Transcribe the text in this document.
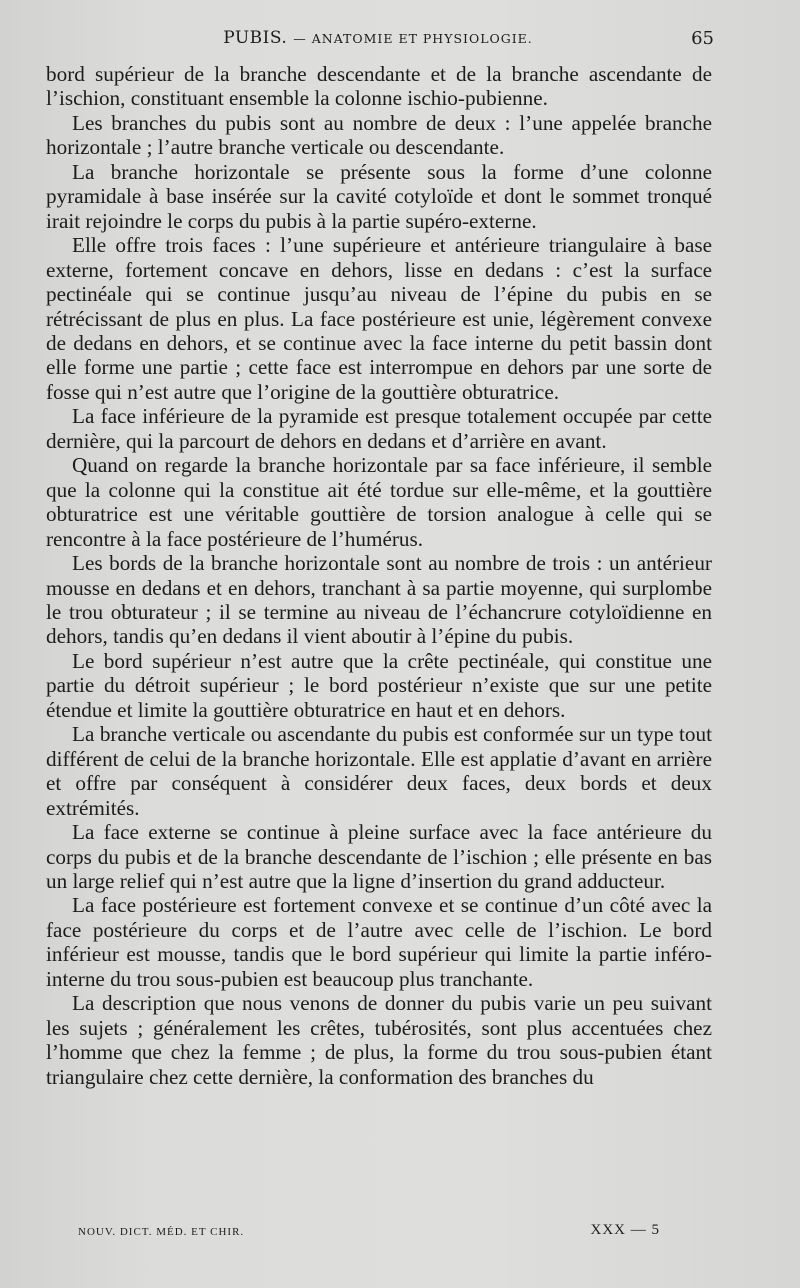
PUBIS. — ANATOMIE ET PHYSIOLOGIE.	65

bord supérieur de la branche descendante et de la branche ascendante de l’ischion, constituant ensemble la colonne ischio-pubienne.

Les branches du pubis sont au nombre de deux : l’une appelée branche horizontale ; l’autre branche verticale ou descendante.

La branche horizontale se présente sous la forme d’une colonne pyramidale à base insérée sur la cavité cotyloïde et dont le sommet tronqué irait rejoindre le corps du pubis à la partie supéro-externe.

Elle offre trois faces : l’une supérieure et antérieure triangulaire à base externe, fortement concave en dehors, lisse en dedans : c’est la surface pectinéale qui se continue jusqu’au niveau de l’épine du pubis en se rétrécissant de plus en plus. La face postérieure est unie, légèrement convexe de dedans en dehors, et se continue avec la face interne du petit bassin dont elle forme une partie ; cette face est interrompue en dehors par une sorte de fosse qui n’est autre que l’origine de la gouttière obturatrice.

La face inférieure de la pyramide est presque totalement occupée par cette dernière, qui la parcourt de dehors en dedans et d’arrière en avant.

Quand on regarde la branche horizontale par sa face inférieure, il semble que la colonne qui la constitue ait été tordue sur elle-même, et la gouttière obturatrice est une véritable gouttière de torsion analogue à celle qui se rencontre à la face postérieure de l’humérus.

Les bords de la branche horizontale sont au nombre de trois : un antérieur mousse en dedans et en dehors, tranchant à sa partie moyenne, qui surplombe le trou obturateur ; il se termine au niveau de l’échancrure cotyloïdienne en dehors, tandis qu’en dedans il vient aboutir à l’épine du pubis.

Le bord supérieur n’est autre que la crête pectinéale, qui constitue une partie du détroit supérieur ; le bord postérieur n’existe que sur une petite étendue et limite la gouttière obturatrice en haut et en dehors.

La branche verticale ou ascendante du pubis est conformée sur un type tout différent de celui de la branche horizontale. Elle est applatie d’avant en arrière et offre par conséquent à considérer deux faces, deux bords et deux extrémités.

La face externe se continue à pleine surface avec la face antérieure du corps du pubis et de la branche descendante de l’ischion ; elle présente en bas un large relief qui n’est autre que la ligne d’insertion du grand adducteur.

La face postérieure est fortement convexe et se continue d’un côté avec la face postérieure du corps et de l’autre avec celle de l’ischion. Le bord inférieur est mousse, tandis que le bord supérieur qui limite la partie inféro-interne du trou sous-pubien est beaucoup plus tranchante.

La description que nous venons de donner du pubis varie un peu suivant les sujets ; généralement les crêtes, tubérosités, sont plus accentuées chez l’homme que chez la femme ; de plus, la forme du trou sous-pubien étant triangulaire chez cette dernière, la conformation des branches du

NOUV. DICT. MÉD. ET CHIR.	XXX — 5
